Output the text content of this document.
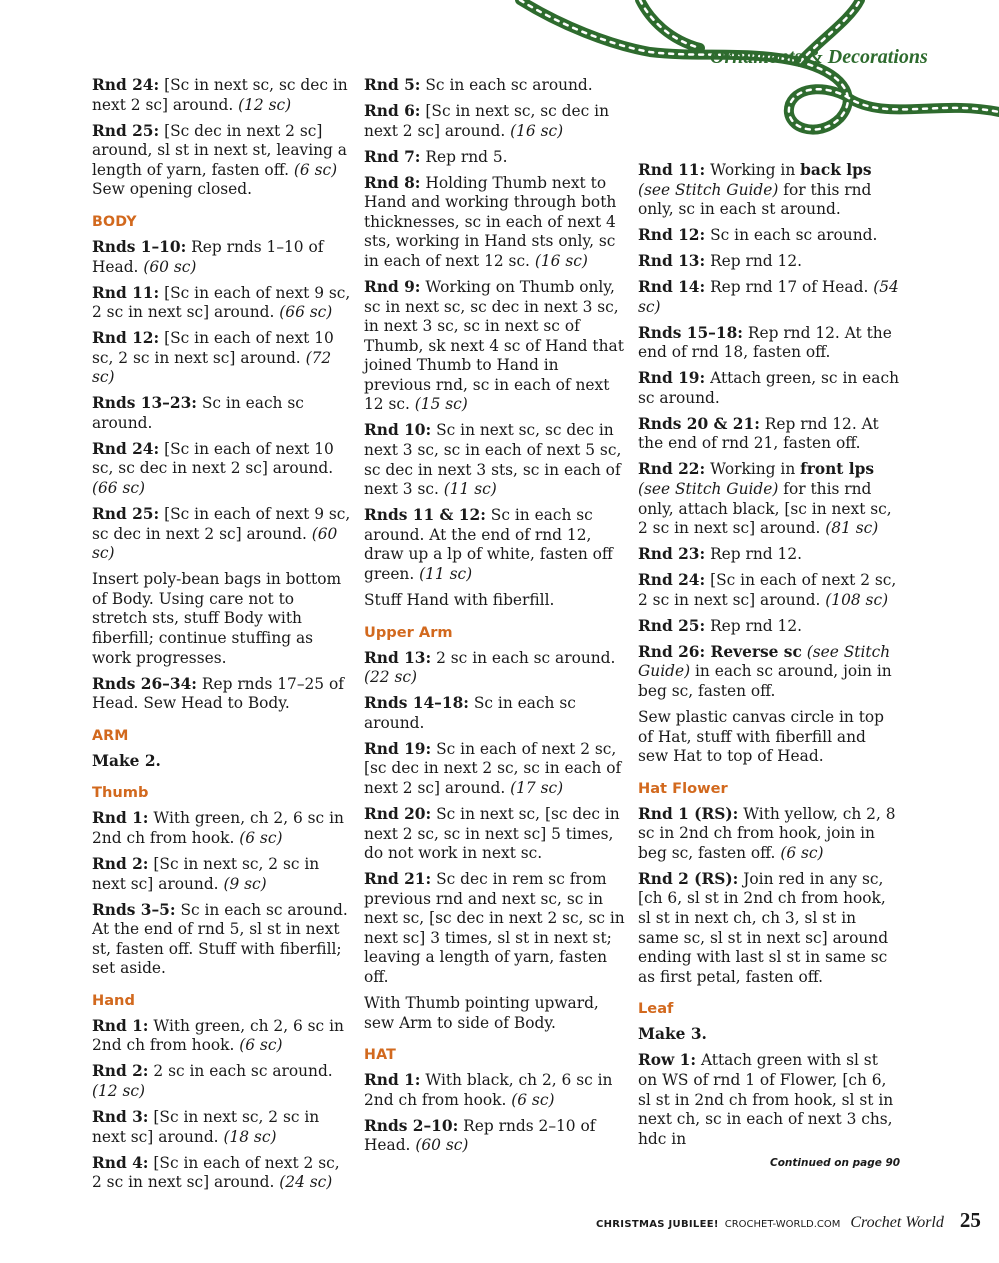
Ornaments & Decorations
Rnd 24: [Sc in next sc, sc dec in next 2 sc] around. (12 sc)
Rnd 25: [Sc dec in next 2 sc] around, sl st in next st, leaving a length of yarn, fasten off. (6 sc) Sew opening closed.
BODY
Rnds 1–10: Rep rnds 1–10 of Head. (60 sc)
Rnd 11: [Sc in each of next 9 sc, 2 sc in next sc] around. (66 sc)
Rnd 12: [Sc in each of next 10 sc, 2 sc in next sc] around. (72 sc)
Rnds 13–23: Sc in each sc around.
Rnd 24: [Sc in each of next 10 sc, sc dec in next 2 sc] around. (66 sc)
Rnd 25: [Sc in each of next 9 sc, sc dec in next 2 sc] around. (60 sc)
Insert poly-bean bags in bottom of Body. Using care not to stretch sts, stuff Body with fiberfill; continue stuffing as work progresses.
Rnds 26–34: Rep rnds 17–25 of Head. Sew Head to Body.
ARM
Make 2.
Thumb
Rnd 1: With green, ch 2, 6 sc in 2nd ch from hook. (6 sc)
Rnd 2: [Sc in next sc, 2 sc in next sc] around. (9 sc)
Rnds 3–5: Sc in each sc around. At the end of rnd 5, sl st in next st, fasten off. Stuff with fiberfill; set aside.
Hand
Rnd 1: With green, ch 2, 6 sc in 2nd ch from hook. (6 sc)
Rnd 2: 2 sc in each sc around. (12 sc)
Rnd 3: [Sc in next sc, 2 sc in next sc] around. (18 sc)
Rnd 4: [Sc in each of next 2 sc, 2 sc in next sc] around. (24 sc)
Rnd 5: Sc in each sc around.
Rnd 6: [Sc in next sc, sc dec in next 2 sc] around. (16 sc)
Rnd 7: Rep rnd 5.
Rnd 8: Holding Thumb next to Hand and working through both thicknesses, sc in each of next 4 sts, working in Hand sts only, sc in each of next 12 sc. (16 sc)
Rnd 9: Working on Thumb only, sc in next sc, sc dec in next 3 sc, in next 3 sc, sc in next sc of Thumb, sk next 4 sc of Hand that joined Thumb to Hand in previous rnd, sc in each of next 12 sc. (15 sc)
Rnd 10: Sc in next sc, sc dec in next 3 sc, sc in each of next 5 sc, sc dec in next 3 sts, sc in each of next 3 sc. (11 sc)
Rnds 11 & 12: Sc in each sc around. At the end of rnd 12, draw up a lp of white, fasten off green. (11 sc)
Stuff Hand with fiberfill.
Upper Arm
Rnd 13: 2 sc in each sc around. (22 sc)
Rnds 14–18: Sc in each sc around.
Rnd 19: Sc in each of next 2 sc, [sc dec in next 2 sc, sc in each of next 2 sc] around. (17 sc)
Rnd 20: Sc in next sc, [sc dec in next 2 sc, sc in next sc] 5 times, do not work in next sc.
Rnd 21: Sc dec in rem sc from previous rnd and next sc, sc in next sc, [sc dec in next 2 sc, sc in next sc] 3 times, sl st in next st; leaving a length of yarn, fasten off.
With Thumb pointing upward, sew Arm to side of Body.
HAT
Rnd 1: With black, ch 2, 6 sc in 2nd ch from hook. (6 sc)
Rnds 2–10: Rep rnds 2–10 of Head. (60 sc)
Rnd 11: Working in back lps (see Stitch Guide) for this rnd only, sc in each st around.
Rnd 12: Sc in each sc around.
Rnd 13: Rep rnd 12.
Rnd 14: Rep rnd 17 of Head. (54 sc)
Rnds 15–18: Rep rnd 12. At the end of rnd 18, fasten off.
Rnd 19: Attach green, sc in each sc around.
Rnds 20 & 21: Rep rnd 12. At the end of rnd 21, fasten off.
Rnd 22: Working in front lps (see Stitch Guide) for this rnd only, attach black, [sc in next sc, 2 sc in next sc] around. (81 sc)
Rnd 23: Rep rnd 12.
Rnd 24: [Sc in each of next 2 sc, 2 sc in next sc] around. (108 sc)
Rnd 25: Rep rnd 12.
Rnd 26: Reverse sc (see Stitch Guide) in each sc around, join in beg sc, fasten off.
Sew plastic canvas circle in top of Hat, stuff with fiberfill and sew Hat to top of Head.
Hat Flower
Rnd 1 (RS): With yellow, ch 2, 8 sc in 2nd ch from hook, join in beg sc, fasten off. (6 sc)
Rnd 2 (RS): Join red in any sc, [ch 6, sl st in 2nd ch from hook, sl st in next ch, ch 3, sl st in same sc, sl st in next sc] around ending with last sl st in same sc as first petal, fasten off.
Leaf
Make 3.
Row 1: Attach green with sl st on WS of rnd 1 of Flower, [ch 6, sl st in 2nd ch from hook, sl st in next ch, sc in each of next 3 chs, hdc in
Continued on page 90
CHRISTMAS JUBILEE! CROCHET-WORLD.COM Crochet World 25
